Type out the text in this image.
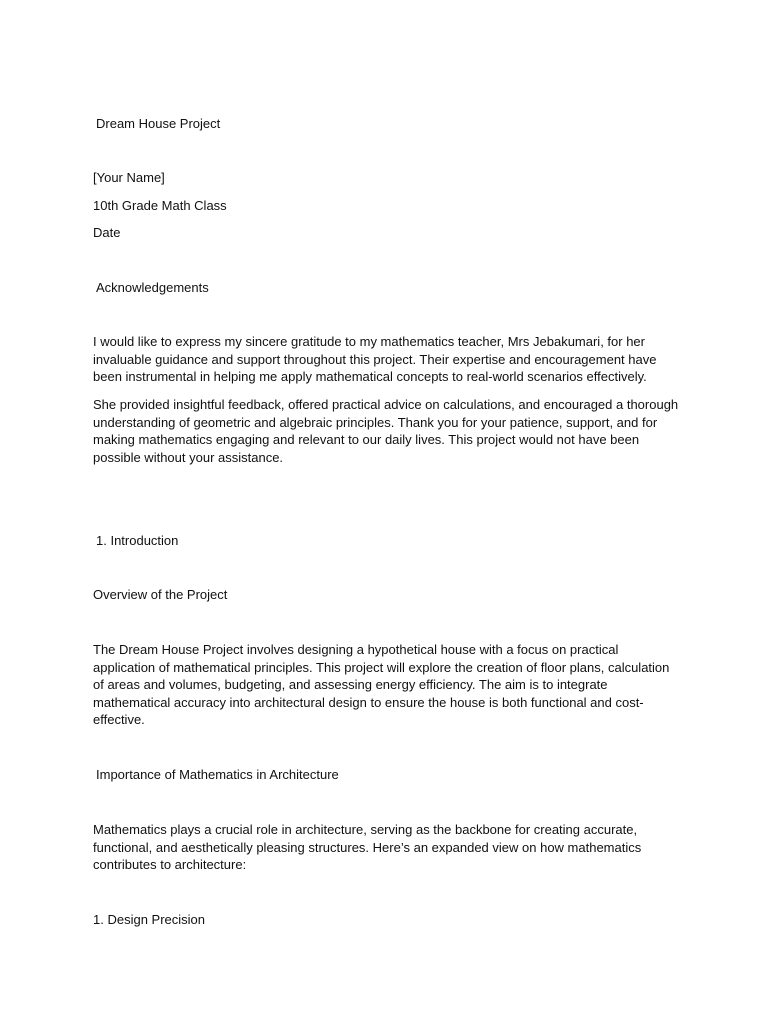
Dream House Project
[Your Name]
10th Grade Math Class
Date
Acknowledgements

I would like to express my sincere gratitude to my mathematics teacher, Mrs Jebakumari, for her invaluable guidance and support throughout this project. Their expertise and encouragement have been instrumental in helping me apply mathematical concepts to real-world scenarios effectively.

She provided insightful feedback, offered practical advice on calculations, and encouraged a thorough understanding of geometric and algebraic principles. Thank you for your patience, support, and for making mathematics engaging and relevant to our daily lives. This project would not have been possible without your assistance.

1. Introduction
Overview of the Project

The Dream House Project involves designing a hypothetical house with a focus on practical application of mathematical principles. This project will explore the creation of floor plans, calculation of areas and volumes, budgeting, and assessing energy efficiency. The aim is to integrate mathematical accuracy into architectural design to ensure the house is both functional and cost-effective.

Importance of Mathematics in Architecture

Mathematics plays a crucial role in architecture, serving as the backbone for creating accurate, functional, and aesthetically pleasing structures. Here’s an expanded view on how mathematics contributes to architecture:

1. Design Precision
